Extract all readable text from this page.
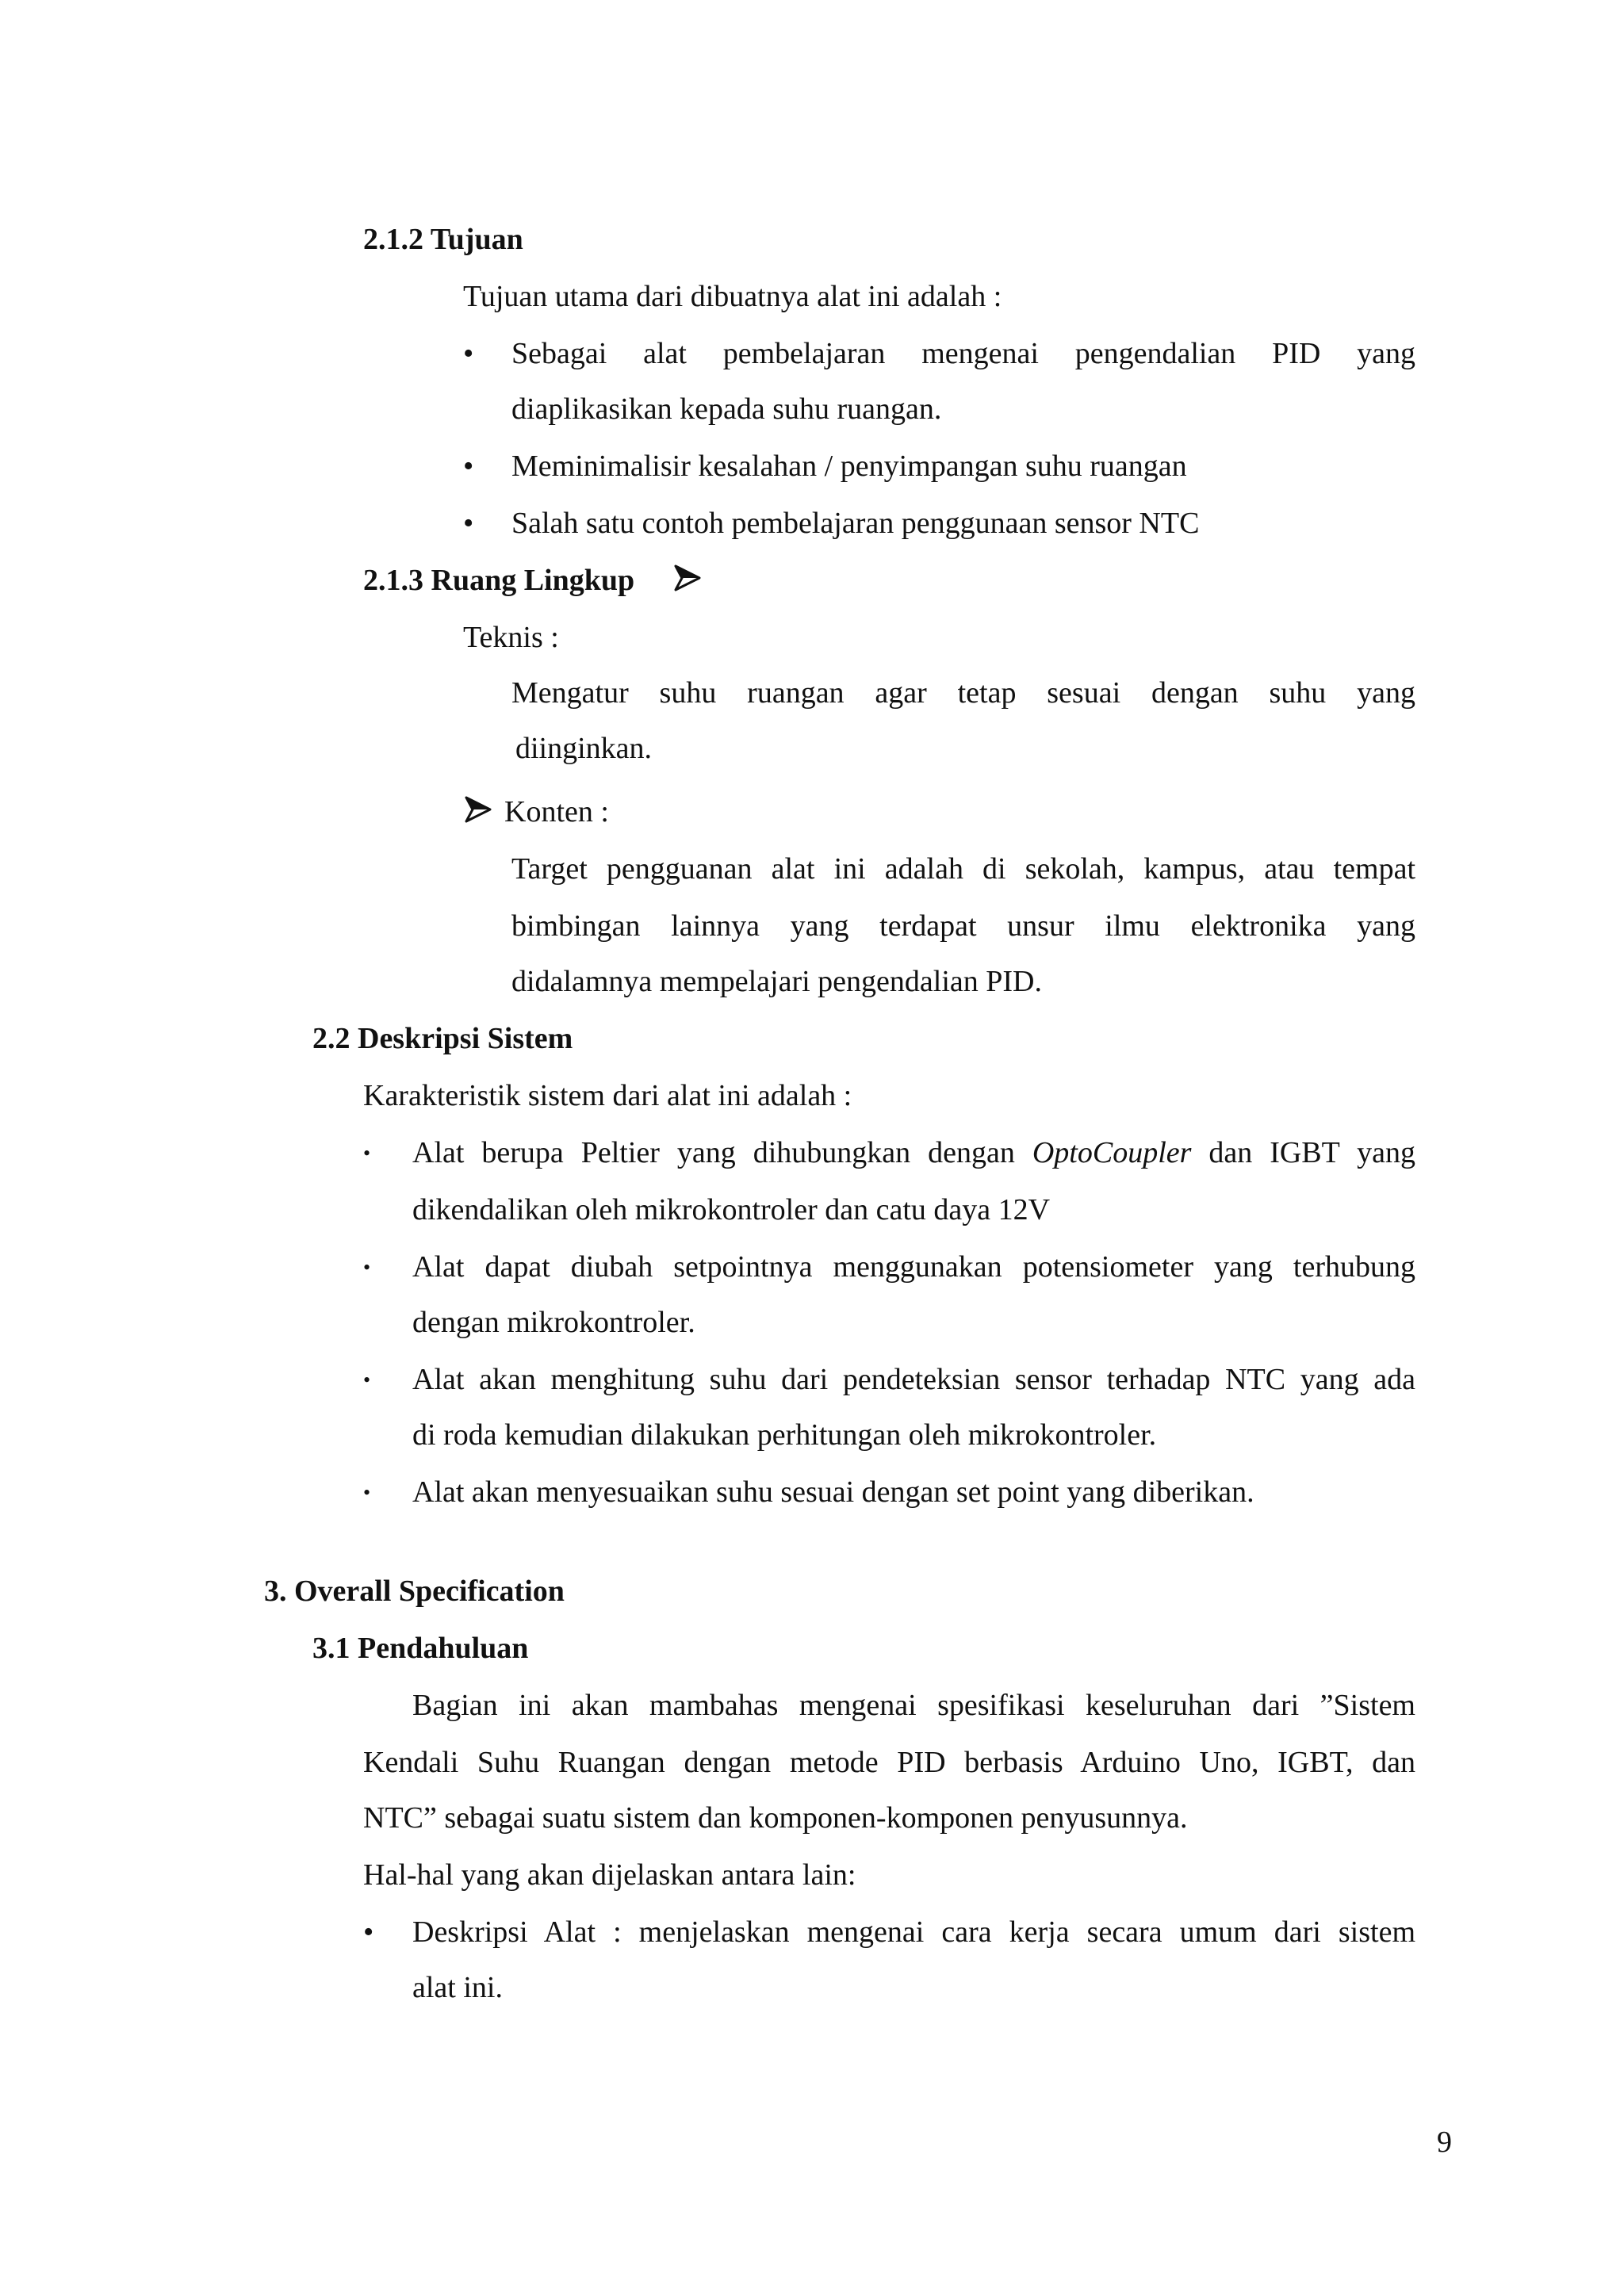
2.1.2 Tujuan
Tujuan utama dari dibuatnya alat ini adalah :
• Sebagai alat pembelajaran mengenai pengendalian PID yang
diaplikasikan kepada suhu ruangan.
• Meminimalisir kesalahan / penyimpangan suhu ruangan
• Salah satu contoh pembelajaran penggunaan sensor NTC
2.1.3 Ruang Lingkup
Teknis :
Mengatur suhu ruangan agar tetap sesuai dengan suhu yang
diinginkan.
Konten :
Target pengguanan alat ini adalah di sekolah, kampus, atau tempat
bimbingan lainnya yang terdapat unsur ilmu elektronika yang
didalamnya mempelajari pengendalian PID.
2.2 Deskripsi Sistem
Karakteristik sistem dari alat ini adalah :
• Alat berupa Peltier yang dihubungkan dengan OptoCoupler dan IGBT yang
dikendalikan oleh mikrokontroler dan catu daya 12V
• Alat dapat diubah setpointnya menggunakan potensiometer yang terhubung
dengan mikrokontroler.
• Alat akan menghitung suhu dari pendeteksian sensor terhadap NTC yang ada
di roda kemudian dilakukan perhitungan oleh mikrokontroler.
• Alat akan menyesuaikan suhu sesuai dengan set point yang diberikan.
3. Overall Specification
3.1 Pendahuluan
Bagian ini akan mambahas mengenai spesifikasi keseluruhan dari ”Sistem
Kendali Suhu Ruangan dengan metode PID berbasis Arduino Uno, IGBT, dan
NTC” sebagai suatu sistem dan komponen-komponen penyusunnya.
Hal-hal yang akan dijelaskan antara lain:
• Deskripsi Alat : menjelaskan mengenai cara kerja secara umum dari sistem
alat ini.
9
